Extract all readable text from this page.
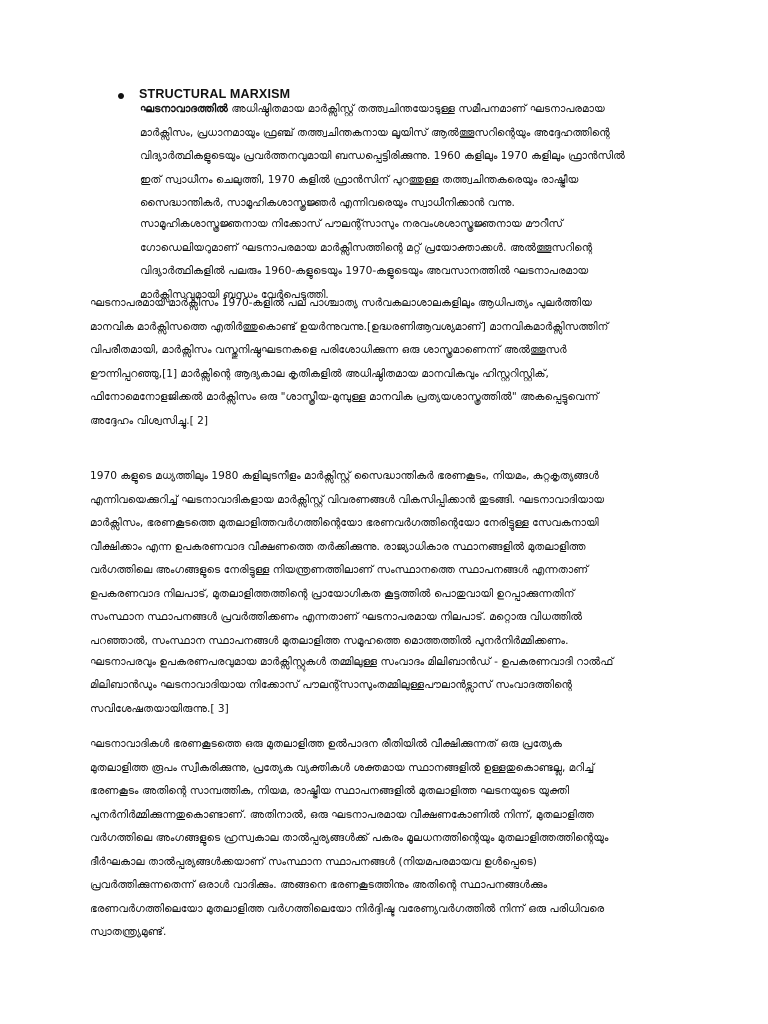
STRUCTURAL MARXISM
ഘടനാവാദത്തിൽ അധിഷ്ഠിതമായ മാർക്സിസ്റ്റ് തത്ത്വചിന്തയോടുള്ള സമീപനമാണ് ഘടനാപരമായ
മാർക്സിസം, പ്രധാനമായും ഫ്രഞ്ച് തത്ത്വചിന്തകനായ ലൂയിസ് ആൽത്തൂസറിന്റെയും അദ്ദേഹത്തിന്റെ
വിദ്യാർത്ഥികളുടെയും പ്രവർത്തനവുമായി ബന്ധപ്പെട്ടിരിക്കുന്നു. 1960 കളിലും 1970 കളിലും ഫ്രാൻസിൽ
ഇത് സ്വാധീനം ചെലുത്തി, 1970 കളിൽ ഫ്രാൻസിന് പുറത്തുള്ള തത്ത്വചിന്തകരെയും രാഷ്ട്രീയ
സൈദ്ധാന്തികർ, സാമൂഹികശാസ്ത്രജ്ഞർ എന്നിവരെയും സ്വാധീനിക്കാൻ വന്നു.
സാമൂഹികശാസ്ത്രജ്ഞനായ നിക്കോസ് പൗലന്റ്സാസും നരവംശശാസ്ത്രജ്ഞനായ മൗറീസ്
ഗോഡെലിയറുമാണ് ഘടനാപരമായ മാർക്സിസത്തിന്റെ മറ്റ് പ്രയോക്താക്കൾ. അൽത്തൂസറിന്റെ
വിദ്യാർത്ഥികളിൽ പലരും 1960-കളുടെയും 1970-കളുടെയും അവസാനത്തിൽ ഘടനാപരമായ
മാർക്സിസവുമായി ബന്ധം വേർപെടുത്തി.
ഘടനാപരമായ മാർക്സിസം 1970-കളിൽ പല പാശ്ചാത്യ സർവകലാശാലകളിലും ആധിപത്യം പുലർത്തിയ
മാനവിക മാർക്സിസത്തെ എതിർത്തുകൊണ്ട് ഉയർന്നുവന്നു.[ഉദ്ധരണിആവശ്യമാണ്] മാനവികമാർക്സിസത്തിന്
വിപരീതമായി, മാർക്സിസം വസ്തുനിഷ്ഠഘടനകളെ പരിശോധിക്കുന്ന ഒരു ശാസ്ത്രമാണെന്ന് അൽത്തൂസർ
ഊന്നിപ്പറഞ്ഞു,[1] മാർക്സിന്റെ ആദ്യകാല കൃതികളിൽ അധിഷ്ഠിതമായ മാനവികവും ഹിസ്റ്ററിസ്റ്റിക്,
ഫിനോമെനോളജിക്കൽ മാർക്സിസം ഒരു "ശാസ്ത്രീയ-മുമ്പുള്ള മാനവിക പ്രത്യയശാസ്ത്രത്തിൽ" അകപ്പെട്ടുവെന്ന്
അദ്ദേഹം വിശ്വസിച്ചു.[ 2]
1970 കളുടെ മധ്യത്തിലും 1980 കളിലുടനീളം മാർക്സിസ്റ്റ് സൈദ്ധാന്തികർ ഭരണകൂടം, നിയമം, കുറ്റകൃത്യങ്ങൾ
എന്നിവയെക്കുറിച്ച് ഘടനാവാദികളായ മാർക്സിസ്റ്റ് വിവരണങ്ങൾ വികസിപ്പിക്കാൻ തുടങ്ങി. ഘടനാവാദിയായ
മാർക്സിസം, ഭരണകൂടത്തെ മുതലാളിത്തവർഗത്തിന്റെയോ ഭരണവർഗത്തിന്റെയോ നേരിട്ടുള്ള സേവകനായി
വീക്ഷിക്കാം എന്ന ഉപകരണവാദ വീക്ഷണത്തെ തർക്കിക്കുന്നു. രാജ്യാധികാര സ്ഥാനങ്ങളിൽ മുതലാളിത്ത
വർഗത്തിലെ അംഗങ്ങളുടെ നേരിട്ടുള്ള നിയന്ത്രണത്തിലാണ് സംസ്ഥാനത്തെ സ്ഥാപനങ്ങൾ എന്നതാണ്
ഉപകരണവാദ നിലപാട്, മുതലാളിത്തത്തിന്റെ പ്രായോഗികത കൂട്ടത്തിൽ പൊതുവായി ഉറപ്പാക്കുന്നതിന്
സംസ്ഥാന സ്ഥാപനങ്ങൾ പ്രവർത്തിക്കണം എന്നതാണ് ഘടനാപരമായ നിലപാട്. മറ്റൊരു വിധത്തിൽ
പറഞ്ഞാൽ, സംസ്ഥാന സ്ഥാപനങ്ങൾ മുതലാളിത്ത സമൂഹത്തെ മൊത്തത്തിൽ പുനർനിർമ്മിക്കണം.
ഘടനാപരവും ഉപകരണപരവുമായ മാർക്സിസ്റ്റുകൾ തമ്മിലുള്ള സംവാദം മിലിബാൻഡ് - ഉപകരണവാദി റാൽഫ്
മിലിബാൻഡും ഘടനാവാദിയായ നിക്കോസ് പൗലന്റ്സാസുംതമ്മിലുള്ളപൗലാൻട്സാസ് സംവാദത്തിന്റെ
സവിശേഷതയായിരുന്നു.[ 3]
ഘടനാവാദികൾ ഭരണകൂടത്തെ ഒരു മുതലാളിത്ത ഉൽപാദന രീതിയിൽ വീക്ഷിക്കുന്നത് ഒരു പ്രത്യേക
മുതലാളിത്ത രൂപം സ്വീകരിക്കുന്നു, പ്രത്യേക വ്യക്തികൾ ശക്തമായ സ്ഥാനങ്ങളിൽ ഉള്ളതുകൊണ്ടല്ല, മറിച്ച്
ഭരണകൂടം അതിന്റെ സാമ്പത്തിക, നിയമ, രാഷ്ട്രീയ സ്ഥാപനങ്ങളിൽ മുതലാളിത്ത ഘടനയുടെ യുക്തി
പുനർനിർമ്മിക്കുന്നതുകൊണ്ടാണ്. അതിനാൽ, ഒരു ഘടനാപരമായ വീക്ഷണകോണിൽ നിന്ന്, മുതലാളിത്ത
വർഗത്തിലെ അംഗങ്ങളുടെ ഹ്രസ്വകാല താൽപ്പര്യങ്ങൾക്ക് പകരം മൂലധനത്തിന്റെയും മുതലാളിത്തത്തിന്റെയും
ദീർഘകാല താൽപ്പര്യങ്ങൾക്കയാണ് സംസ്ഥാന സ്ഥാപനങ്ങൾ (നിയമപരമായവ ഉൾപ്പെടെ)
പ്രവർത്തിക്കുന്നതെന്ന് ഒരാൾ വാദിക്കും. അങ്ങനെ ഭരണകൂടത്തിനും അതിന്റെ സ്ഥാപനങ്ങൾക്കും
ഭരണവർഗത്തിലെയോ മുതലാളിത്ത വർഗത്തിലെയോ നിർദ്ദിഷ്ട വരേണ്യവർഗത്തിൽ നിന്ന് ഒരു പരിധിവരെ
സ്വാതന്ത്ര്യമുണ്ട്.
